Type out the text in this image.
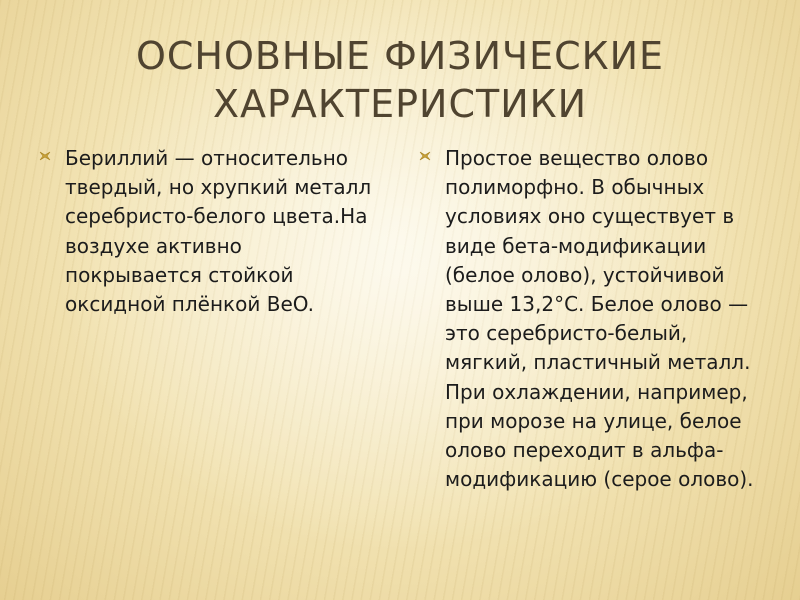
ОСНОВНЫЕ ФИЗИЧЕСКИЕ ХАРАКТЕРИСТИКИ
Бериллий — относительно твердый, но хрупкий металл серебристо-белого цвета.На воздухе активно покрывается стойкой оксидной плёнкой BeO.
Простое вещество олово полиморфно. В обычных условиях оно существует в виде бета-модификации (белое олово), устойчивой выше 13,2°C. Белое олово — это серебристо-белый, мягкий, пластичный металл. При охлаждении, например, при морозе на улице, белое олово переходит в альфа-модификацию (серое олово).
